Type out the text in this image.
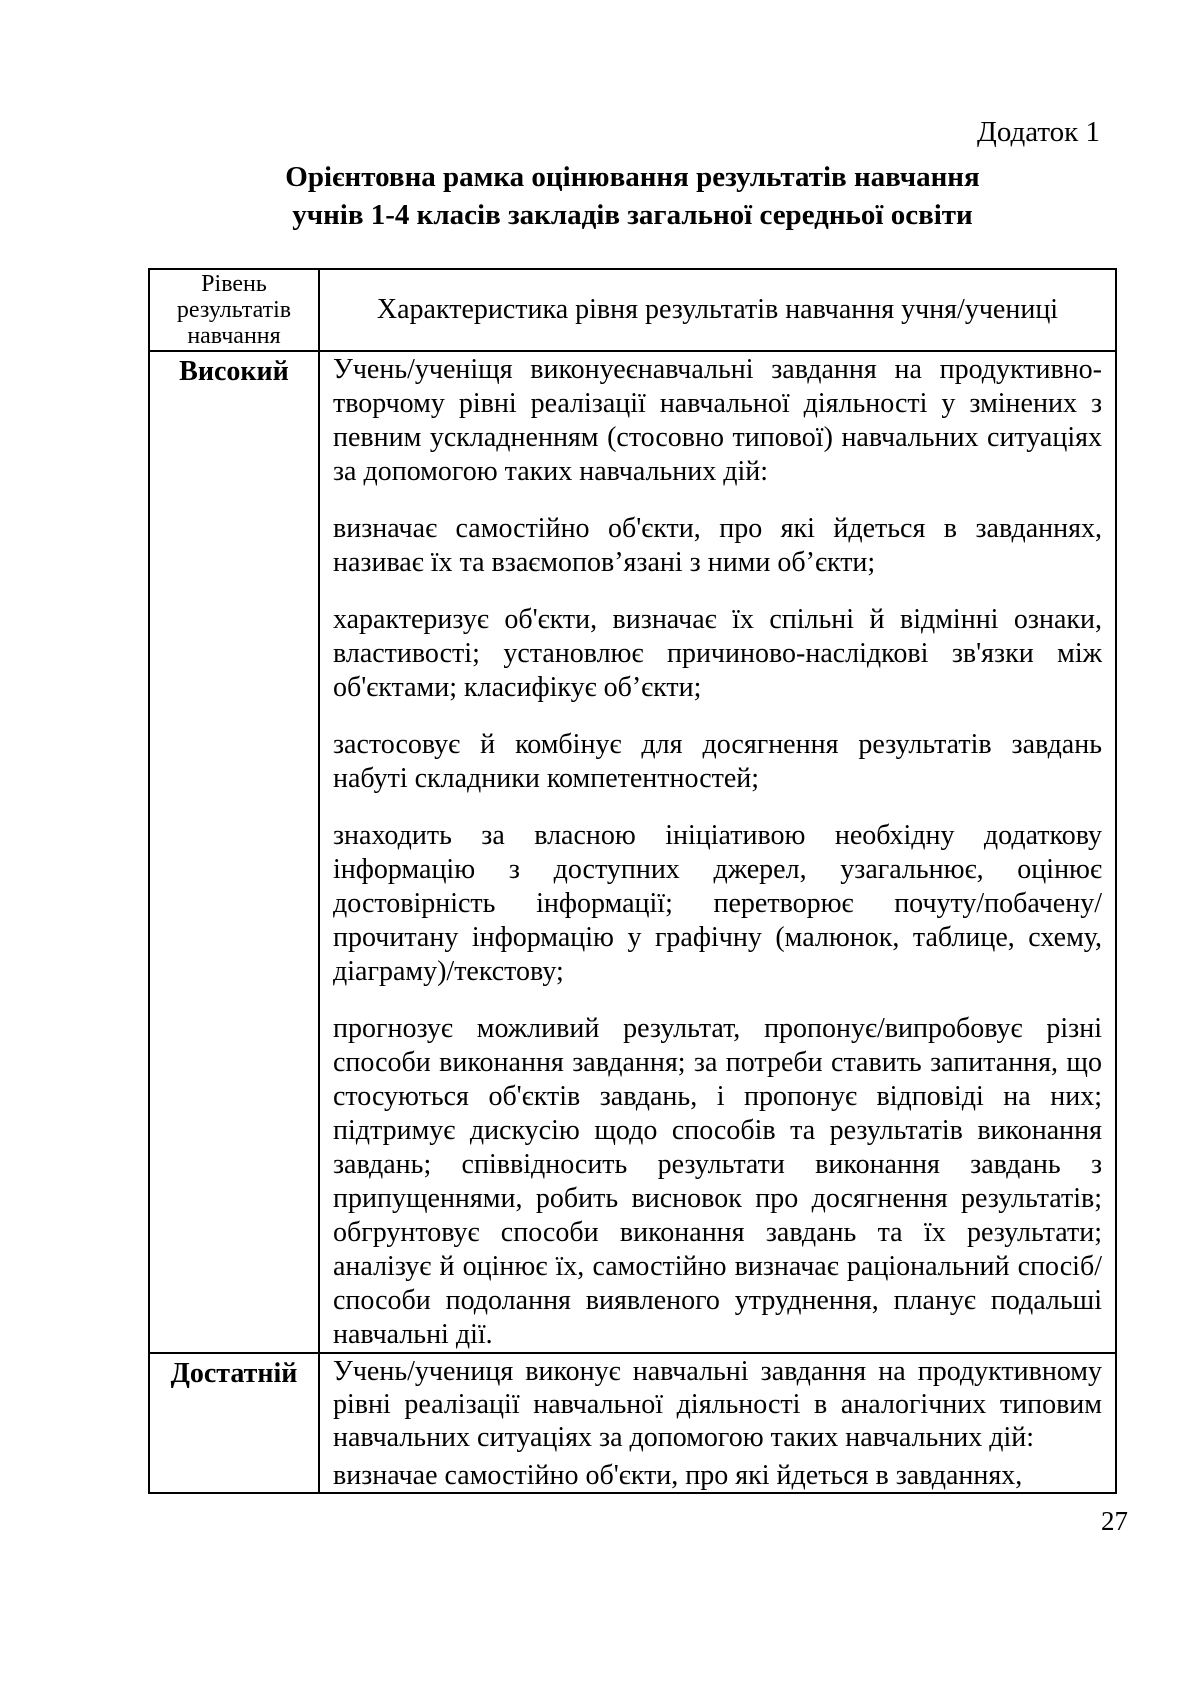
Додаток 1
Орієнтовна рамка оцінювання результатів навчання
учнів 1-4 класів закладів загальної середньої освіти
Рівень результатів навчання
Характеристика рівня результатів навчання учня/учениці
Високий	Учень/ученіщя виконуеєнавчальні завдання на продуктивно-творчому рівні реалізації навчальної діяльності у змінених з певним ускладненням (стосовно типової) навчальних ситуаціях за допомогою таких навчальних дій:

визначає самостійно об'єкти, про які йдеться в завданнях, називає їх та взаємопов’язані з ними об’єкти;

характеризує об'єкти, визначає їх спільні й відмінні ознаки, властивості; установлює причиново-наслідкові зв'язки між об'єктами; класифікує об’єкти;

застосовує й комбінує для досягнення результатів завдань набуті складники компетентностей;

знаходить за власною ініціативою необхідну додаткову інформацію з доступних джерел, узагальнює, оцінює достовірність інформації; перетворює почуту/побачену/прочитану інформацію у графічну (малюнок, таблице, схему, діаграму)/текстову;

прогнозує можливий результат, пропонує/випробовує різні способи виконання завдання; за потреби ставить запитання, що стосуються об'єктів завдань, і пропонує відповіді на них; підтримує дискусію щодо способів та результатів виконання завдань; співвідносить результати виконання завдань з припущеннями, робить висновок про досягнення результатів; обгрунтовує способи виконання завдань та їх результати; аналізує й оцінює їх, самостійно визначає раціональний спосіб/способи подолання виявленого утруднення, планує подальші навчальні дії.

Достатній	Учень/учениця виконує навчальні завдання на продуктивному рівні реалізації навчальної діяльності в аналогічних типовим навчальних ситуаціях за допомогою таких навчальних дій:

визначае самостійно об'єкти, про які йдеться в завданнях,

27
